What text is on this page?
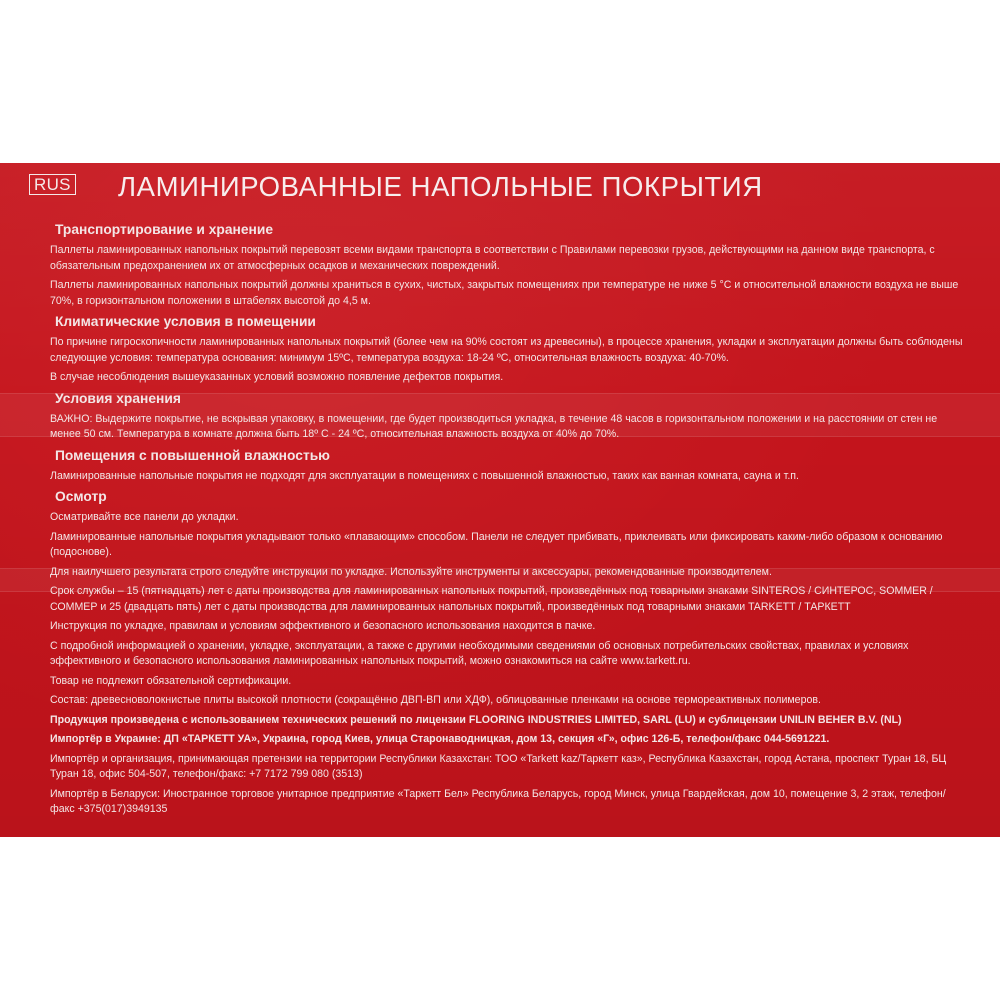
RUS ЛАМИНИРОВАННЫЕ НАПОЛЬНЫЕ ПОКРЫТИЯ
Транспортирование и хранение
Паллеты ламинированных напольных покрытий перевозят всеми видами транспорта в соответствии с Правилами перевозки грузов, действующими на данном виде транспорта, с обязательным предохранением их от атмосферных осадков и механических повреждений.
Паллеты ламинированных напольных покрытий должны храниться в сухих, чистых, закрытых помещениях при температуре не ниже 5 °С и относительной влажности воздуха не выше 70%, в горизонтальном положении в штабелях высотой до 4,5 м.
Климатические условия в помещении
По причине гигроскопичности ламинированных напольных покрытий (более чем на 90% состоят из древесины), в процессе хранения, укладки и эксплуатации должны быть соблюдены следующие условия: температура основания: минимум 15ºС, температура воздуха: 18-24 ºС, относительная влажность воздуха: 40-70%.
В случае несоблюдения вышеуказанных условий возможно появление дефектов покрытия.
Условия хранения
ВАЖНО: Выдержите покрытие, не вскрывая упаковку, в помещении, где будет производиться укладка, в течение 48 часов в горизонтальном положении и на расстоянии от стен не менее 50 см. Температура в комнате должна быть 18º С - 24 ºС, относительная влажность воздуха от 40% до 70%.
Помещения с повышенной влажностью
Ламинированные напольные покрытия не подходят для эксплуатации в помещениях с повышенной влажностью, таких как ванная комната, сауна и т.п.
Осмотр
Осматривайте все панели до укладки.
Ламинированные напольные покрытия укладывают только «плавающим» способом. Панели не следует прибивать, приклеивать или фиксировать каким-либо образом к основанию (подоснове).
Для наилучшего результата строго следуйте инструкции по укладке. Используйте инструменты и аксессуары, рекомендованные производителем.
Срок службы – 15 (пятнадцать) лет с даты производства для ламинированных напольных покрытий, произведённых под товарными знаками SINTEROS / СИНТЕРОС, SOMMER / СОММЕР и 25 (двадцать пять) лет с даты производства для ламинированных напольных покрытий, произведённых под товарными знаками TARKETT / ТАРКЕТТ
Инструкция по укладке, правилам и условиям эффективного и безопасного использования находится в пачке.
С подробной информацией о хранении, укладке, эксплуатации, а также с другими необходимыми сведениями об основных потребительских свойствах, правилах и условиях эффективного и безопасного использования ламинированных напольных покрытий, можно ознакомиться на сайте www.tarkett.ru.
Товар не подлежит обязательной сертификации.
Состав: древесноволокнистые плиты высокой плотности (сокращённо ДВП-ВП или ХДФ), облицованные пленками на основе термореактивных полимеров.
Продукция произведена с использованием технических решений по лицензии FLOORING INDUSTRIES LIMITED, SARL (LU) и сублицензии UNILIN BEHER B.V. (NL)
Импортёр в Украине: ДП «ТАРКЕТТ УА», Украина, город Киев, улица Старонаводницкая, дом 13, секция «Г», офис 126-Б, телефон/факс 044-5691221.
Импортёр и организация, принимающая претензии на территории Республики Казахстан: ТОО «Tarkett kaz/Таркетт каз», Республика Казахстан, город Астана, проспект Туран 18, БЦ Туран 18, офис 504-507, телефон/факс: +7 7172 799 080 (3513)
Импортёр в Беларуси: Иностранное торговое унитарное предприятие «Таркетт Бел» Республика Беларусь, город Минск, улица Гвардейская, дом 10, помещение 3, 2 этаж, телефон/факс +375(017)3949135
